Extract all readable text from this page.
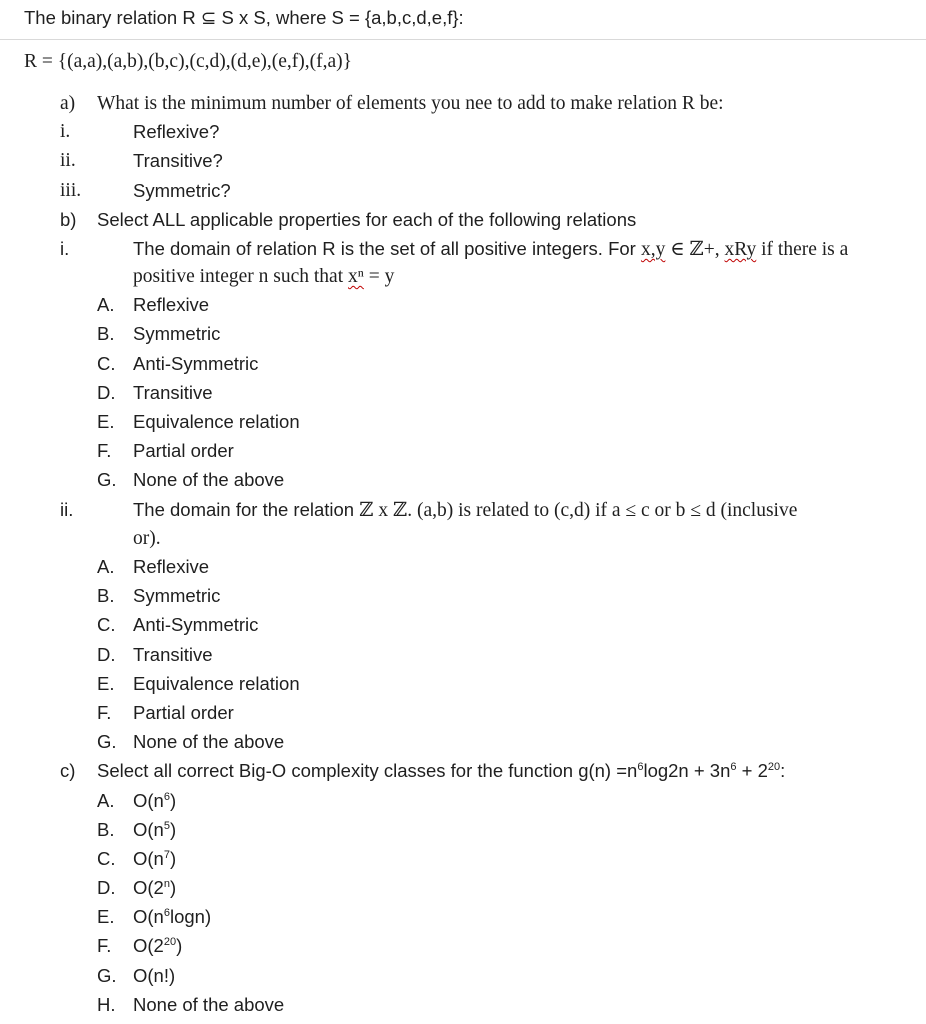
The binary relation R ⊆ S x S, where S = {a,b,c,d,e,f}:
R = {(a,a),(a,b),(b,c),(c,d),(d,e),(e,f),(f,a)}
a) What is the minimum number of elements you nee to add to make relation R be:
i.	Reflexive?
ii.	Transitive?
iii.	Symmetric?
b) Select ALL applicable properties for each of the following relations
i.	The domain of relation R is the set of all positive integers. For x,y ∈ ℤ+, xRy if there is a
positive integer n such that xⁿ = y
A. Reflexive
B. Symmetric
C. Anti-Symmetric
D. Transitive
E. Equivalence relation
F. Partial order
G. None of the above
ii.	The domain for the relation ℤ x ℤ. (a,b) is related to (c,d) if a ≤ c or b ≤ d (inclusive
or).
A. Reflexive
B. Symmetric
C. Anti-Symmetric
D. Transitive
E. Equivalence relation
F. Partial order
G. None of the above
c) Select all correct Big-O complexity classes for the function $g(n) =n^6\log 2n + 3n^6 + 2^{20}$:
A. $O(n^6)$
B. $O(n^5)$
C. $O(n^7)$
D. O(2$^n$)
E. $O(n^6\log n)$
F. $O(2^{20})$
G. O(n!)
H. None of the above
